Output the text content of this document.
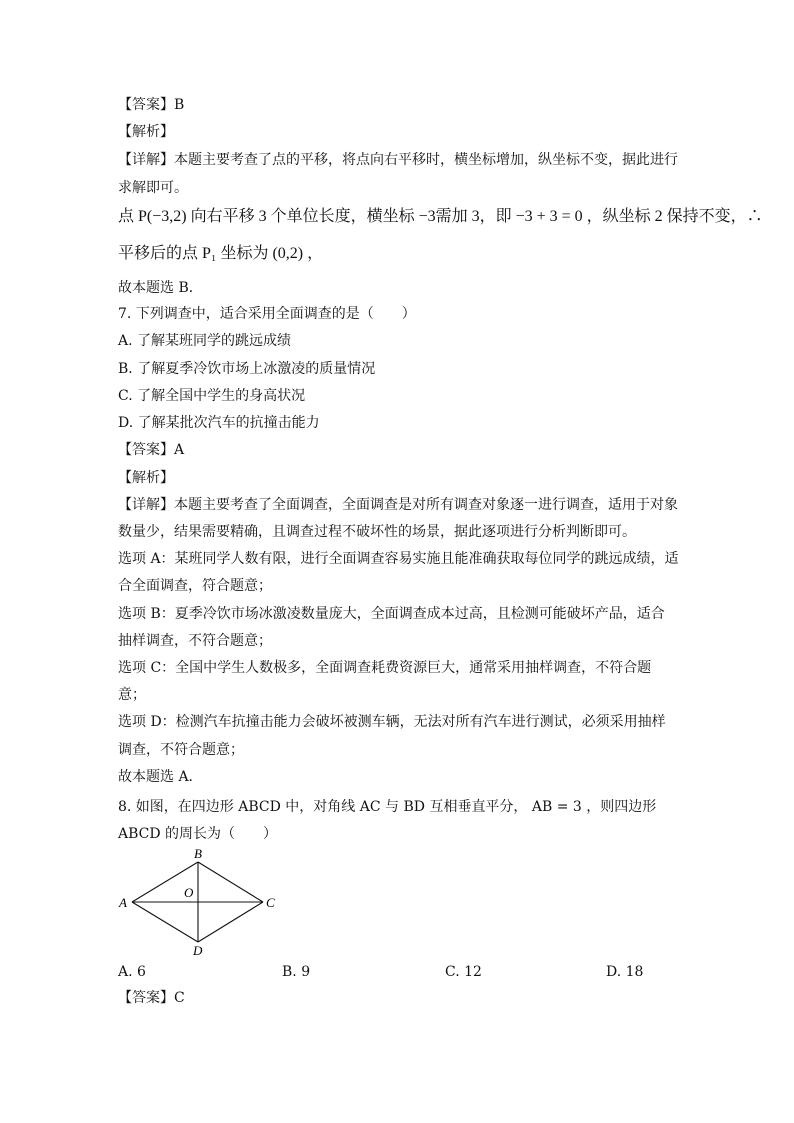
【答案】B
【解析】
【详解】本题主要考查了点的平移，将点向右平移时，横坐标增加，纵坐标不变，据此进行
求解即可。
点 P(−3,2) 向右平移 3 个单位长度，横坐标 −3需加 3，即 −3 + 3 = 0 ，纵坐标 2 保持不变，∴
平移后的点 P₁ 坐标为 (0,2) ，
故本题选 B．
7. 下列调查中，适合采用全面调查的是（　　）
A. 了解某班同学的跳远成绩
B. 了解夏季冷饮市场上冰激凌的质量情况
C. 了解全国中学生的身高状况
D. 了解某批次汽车的抗撞击能力
【答案】A
【解析】
【详解】本题主要考查了全面调查，全面调查是对所有调查对象逐一进行调查，适用于对象
数量少，结果需要精确，且调查过程不破坏性的场景，据此逐项进行分析判断即可。
选项 A：某班同学人数有限，进行全面调查容易实施且能准确获取每位同学的跳远成绩，适
合全面调查，符合题意；
选项 B：夏季冷饮市场冰激凌数量庞大，全面调查成本过高，且检测可能破坏产品，适合
抽样调查，不符合题意；
选项 C：全国中学生人数极多，全面调查耗费资源巨大，通常采用抽样调查，不符合题
意；
选项 D：检测汽车抗撞击能力会破坏被测车辆，无法对所有汽车进行测试，必须采用抽样
调查，不符合题意；
故本题选 A．
8. 如图，在四边形 ABCD 中，对角线 AC 与 BD 互相垂直平分， AB = 3 ，则四边形
ABCD 的周长为（　　）
B
A	C
D
O
A. 6	B. 9	C. 12	D. 18
【答案】C
